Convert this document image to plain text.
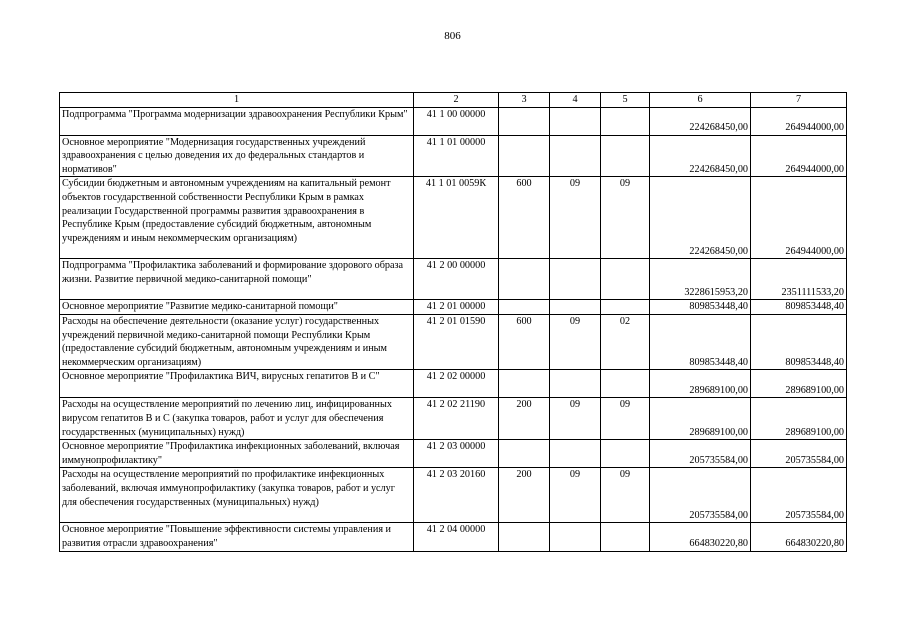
806
1	2	3	4	5	6	7
Подпрограмма "Программа модернизации здравоохранения Республики Крым"	41 1 00 00000				224268450,00	264944000,00
Основное мероприятие "Модернизация государственных учреждений здравоохранения с целью доведения их до федеральных стандартов и нормативов"	41 1 01 00000				224268450,00	264944000,00
Субсидии бюджетным и автономным учреждениям на капитальный ремонт объектов государственной собственности Республики Крым в рамках реализации Государственной программы развития здравоохранения в Республике Крым (предоставление субсидий бюджетным, автономным учреждениям и иным некоммерческим организациям)	41 1 01 0059К	600	09	09	224268450,00	264944000,00
Подпрограмма "Профилактика заболеваний и формирование здорового образа жизни. Развитие первичной медико-санитарной помощи"	41 2 00 00000				3228615953,20	2351111533,20
Основное мероприятие "Развитие медико-санитарной помощи"	41 2 01 00000				809853448,40	809853448,40
Расходы на обеспечение деятельности (оказание услуг) государственных учреждений первичной медико-санитарной помощи Республики Крым (предоставление субсидий бюджетным, автономным учреждениям и иным некоммерческим организациям)	41 2 01 01590	600	09	02	809853448,40	809853448,40
Основное мероприятие "Профилактика ВИЧ, вирусных гепатитов В и С"	41 2 02 00000				289689100,00	289689100,00
Расходы на осуществление мероприятий по лечению лиц, инфицированных вирусом гепатитов В и С (закупка товаров, работ и услуг для обеспечения государственных (муниципальных) нужд)	41 2 02 21190	200	09	09	289689100,00	289689100,00
Основное мероприятие "Профилактика инфекционных заболеваний, включая иммунопрофилактику"	41 2 03 00000				205735584,00	205735584,00
Расходы на осуществление мероприятий по профилактике инфекционных заболеваний, включая иммунопрофилактику (закупка товаров, работ и услуг для обеспечения государственных (муниципальных) нужд)	41 2 03 20160	200	09	09	205735584,00	205735584,00
Основное мероприятие "Повышение эффективности системы управления и развития отрасли здравоохранения"	41 2 04 00000				664830220,80	664830220,80
